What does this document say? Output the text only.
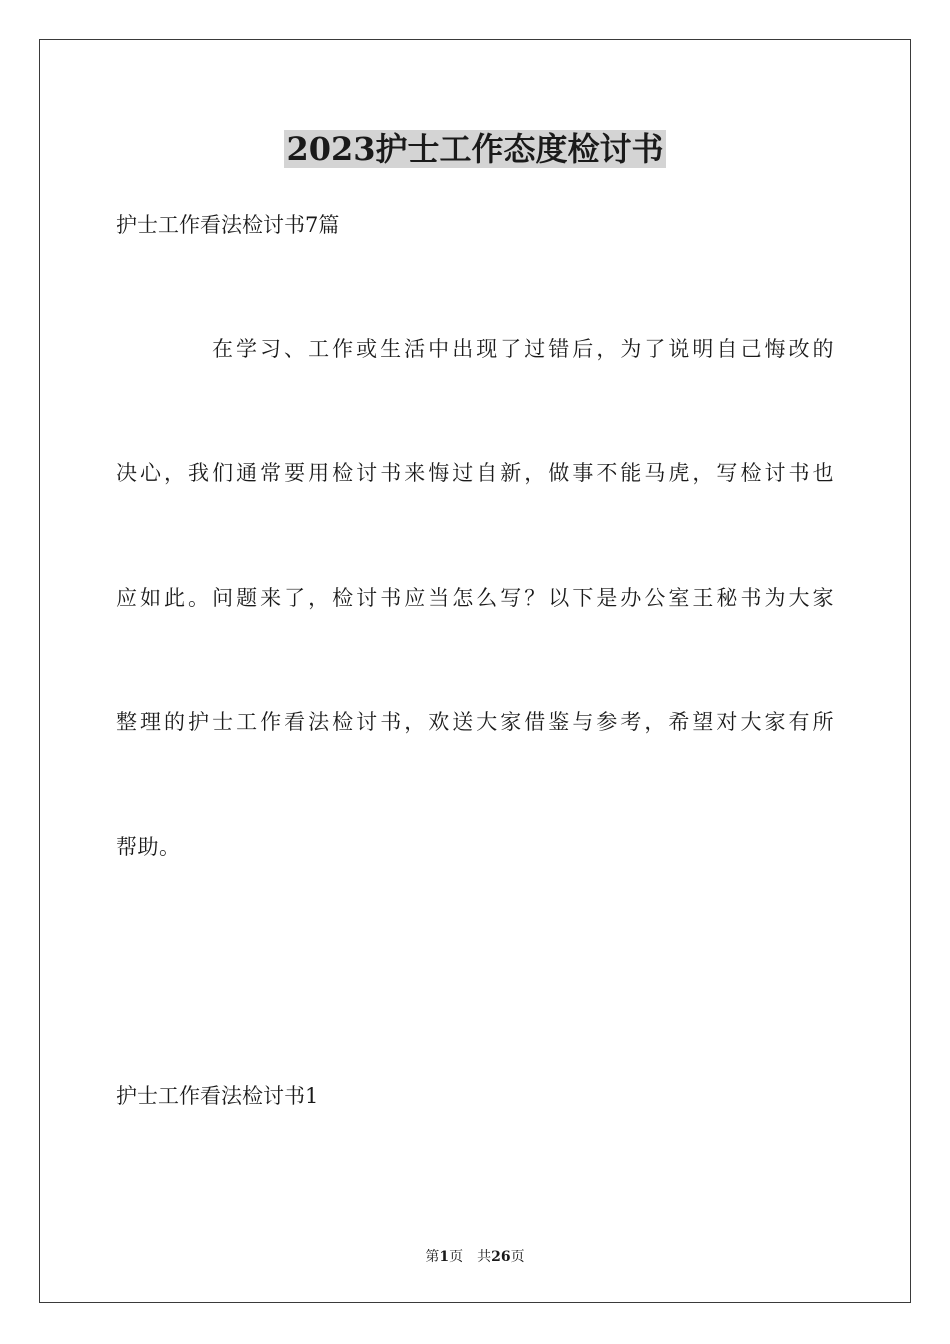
2023护士工作态度检讨书
护士工作看法检讨书7篇
在学习、工作或生活中出现了过错后，为了说明自己悔改的
决心，我们通常要用检讨书来悔过自新，做事不能马虎，写检讨书也
应如此。问题来了，检讨书应当怎么写？以下是办公室王秘书为大家
整理的护士工作看法检讨书，欢送大家借鉴与参考，希望对大家有所
帮助。
护士工作看法检讨书1
第1页 共26页
